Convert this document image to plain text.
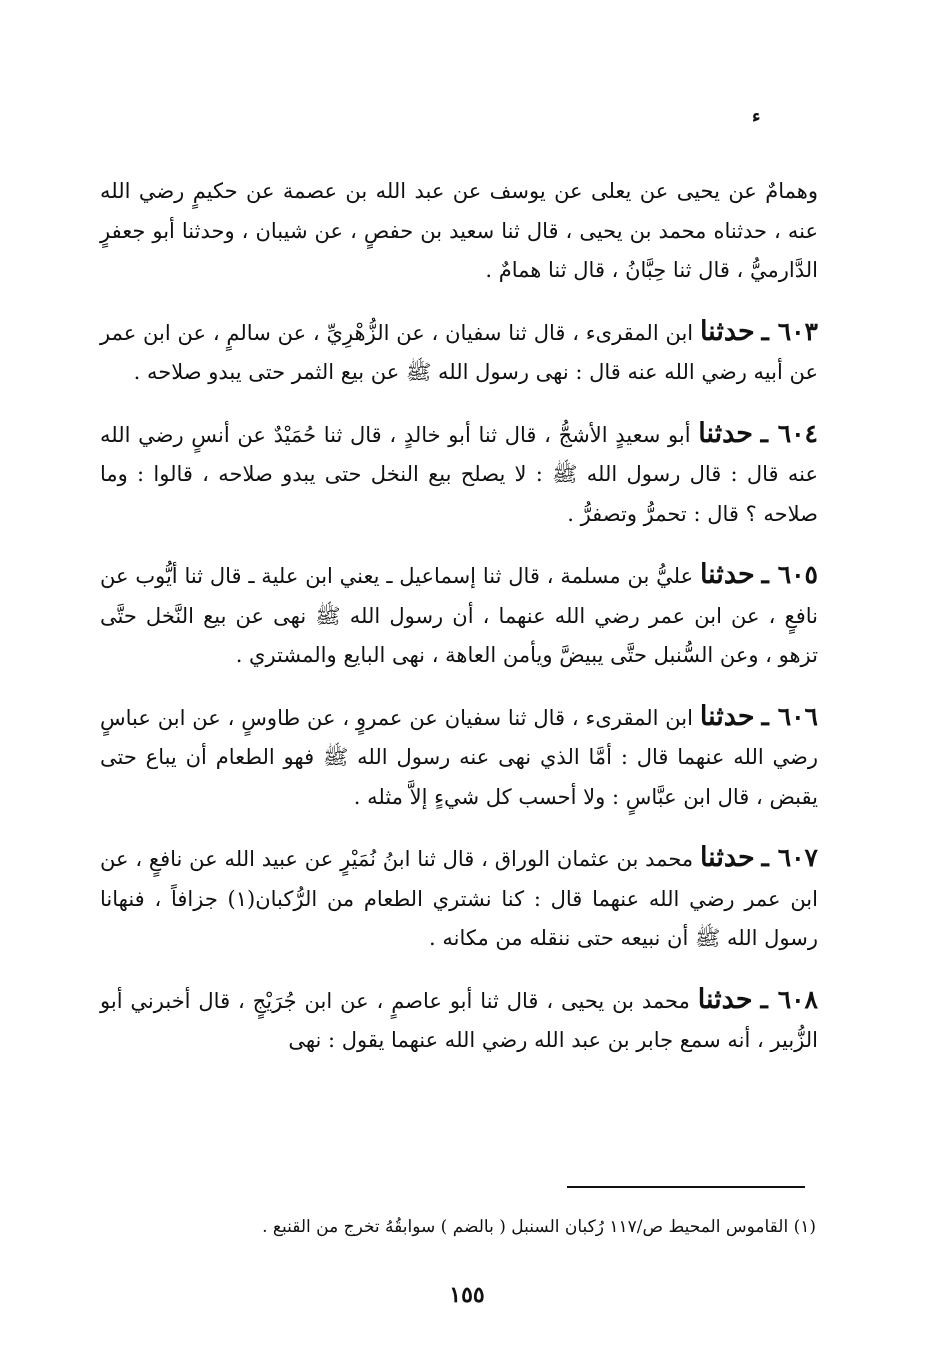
ء

وهمامٌ عن يحيى عن يعلى عن يوسف عن عبد الله بن عصمة عن حكيمٍ رضي الله عنه ، حدثناه محمد بن يحيى ، قال ثنا سعيد بن حفصٍ ، عن شيبان ، وحدثنا أبو جعفرٍ الدَّارميُّ ، قال ثنا حِبَّانُ ، قال ثنا همامٌ .

٦٠٣ ـ حدثنا ابن المقرىء ، قال ثنا سفيان ، عن الزُّهْرِيِّ ، عن سالمٍ ، عن ابن عمر عن أبيه رضي الله عنه قال : نهى رسول الله ﷺ عن بيع الثمر حتى يبدو صلاحه .

٦٠٤ ـ حدثنا أبو سعيدٍ الأشجُّ ، قال ثنا أبو خالدٍ ، قال ثنا حُمَيْدٌ عن أنسٍ رضي الله عنه قال : قال رسول الله ﷺ : لا يصلح بيع النخل حتى يبدو صلاحه ، قالوا : وما صلاحه ؟ قال : تحمرُّ وتصفرُّ .

٦٠٥ ـ حدثنا عليُّ بن مسلمة ، قال ثنا إسماعيل ـ يعني ابن علية ـ قال ثنا أيُّوب عن نافعٍ ، عن ابن عمر رضي الله عنهما ، أن رسول الله ﷺ نهى عن بيع النَّخل حتَّى تزهو ، وعن السُّنبل حتَّى يبيضَّ ويأمن العاهة ، نهى البايع والمشتري .

٦٠٦ ـ حدثنا ابن المقرىء ، قال ثنا سفيان عن عمروٍ ، عن طاوسٍ ، عن ابن عباسٍ رضي الله عنهما قال : أمَّا الذي نهى عنه رسول الله ﷺ فهو الطعام أن يباع حتى يقبض ، قال ابن عبَّاسٍ : ولا أحسب كل شيءٍ إلاَّ مثله .

٦٠٧ ـ حدثنا محمد بن عثمان الوراق ، قال ثنا ابنُ نُمَيْرٍ عن عبيد الله عن نافعٍ ، عن ابن عمر رضي الله عنهما قال : كنا نشتري الطعام من الرُّكبان(١) جزافاً ، فنهانا رسول الله ﷺ أن نبيعه حتى ننقله من مكانه .

٦٠٨ ـ حدثنا محمد بن يحيى ، قال ثنا أبو عاصمٍ ، عن ابن جُرَيْجٍ ، قال أخبرني أبو الزُّبير ، أنه سمع جابر بن عبد الله رضي الله عنهما يقول : نهى

(١) القاموس المحيط ص/١١٧ رُكبان السنبل ( بالضم ) سوابقُهُ تخرج من القنبع .
١٥٥
